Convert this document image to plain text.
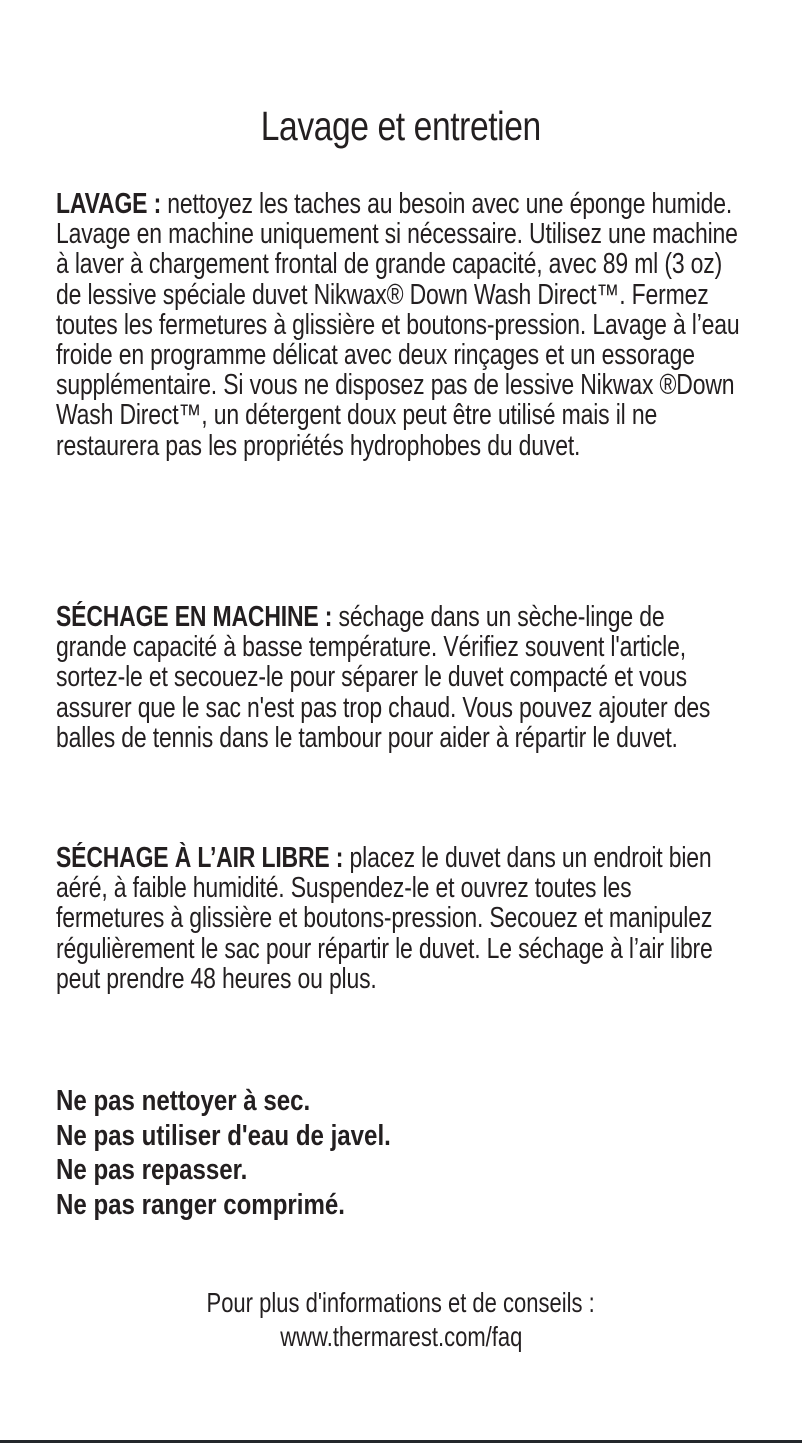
Lavage et entretien
LAVAGE : nettoyez les taches au besoin avec une éponge humide. Lavage en machine uniquement si nécessaire. Utilisez une machine à laver à chargement frontal de grande capacité, avec 89 ml (3 oz) de lessive spéciale duvet Nikwax® Down Wash Direct™. Fermez toutes les fermetures à glissière et boutons-pression. Lavage à l’eau froide en programme délicat avec deux rinçages et un essorage supplémentaire. Si vous ne disposez pas de lessive Nikwax ®Down Wash Direct™, un détergent doux peut être utilisé mais il ne restaurera pas les propriétés hydrophobes du duvet.
SÉCHAGE EN MACHINE : séchage dans un sèche-linge de grande capacité à basse température. Vérifiez souvent l'article, sortez-le et secouez-le pour séparer le duvet compacté et vous assurer que le sac n'est pas trop chaud. Vous pouvez ajouter des balles de tennis dans le tambour pour aider à répartir le duvet.
SÉCHAGE À L’AIR LIBRE : placez le duvet dans un endroit bien aéré, à faible humidité. Suspendez-le et ouvrez toutes les fermetures à glissière et boutons-pression. Secouez et manipulez régulièrement le sac pour répartir le duvet. Le séchage à l’air libre peut prendre 48 heures ou plus.
Ne pas nettoyer à sec.
Ne pas utiliser d'eau de javel.
Ne pas repasser.
Ne pas ranger comprimé.
Pour plus d'informations et de conseils :
www.thermarest.com/faq
